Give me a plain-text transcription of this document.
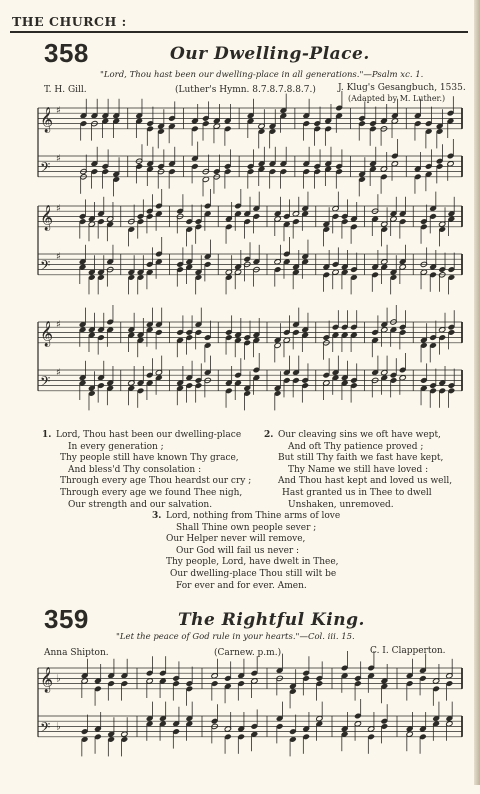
THE CHURCH :
358	Our Dwelling-Place.
"Lord, Thou hast been our dwelling-place in all generations."—Psalm xc. 1.
T. H. Gill.	(Luther's Hymn. 8.7.8.7.8.8.7.) J. Klug's Gesangbuch, 1535.
(Adapted by M. Luther.)
𝄞 ♯
𝄢
♯
𝄞 ♯
𝄢
♯
𝄞 ♯
𝄢
♯
1. Lord, Thou hast been our dwelling-place
In every generation ;
Thy people still have known Thy grace,
And bless'd Thy consolation :
Through every age Thou heardst our cry ;
Through every age we found Thee nigh,
Our strength and our salvation.
2. Our cleaving sins we oft have wept,
And oft Thy patience proved ;
But still Thy faith we fast have kept,
Thy Name we still have loved :
And Thou hast kept and loved us well,
Hast granted us in Thee to dwell
Unshaken, unremoved.
3. Lord, nothing from Thine arms of love
Shall Thine own people sever ;
Our Helper never will remove,
Our God will fail us never :
Thy people, Lord, have dwelt in Thee,
Our dwelling-place Thou still wilt be
For ever and for ever. Amen.
359	The Rightful King.
"Let the peace of God rule in your hearts."—Col. iii. 15.
Anna Shipton.	(Carnew. p.m.)	C. I. Clapperton.
𝄞 ♭
𝄢 ♭
